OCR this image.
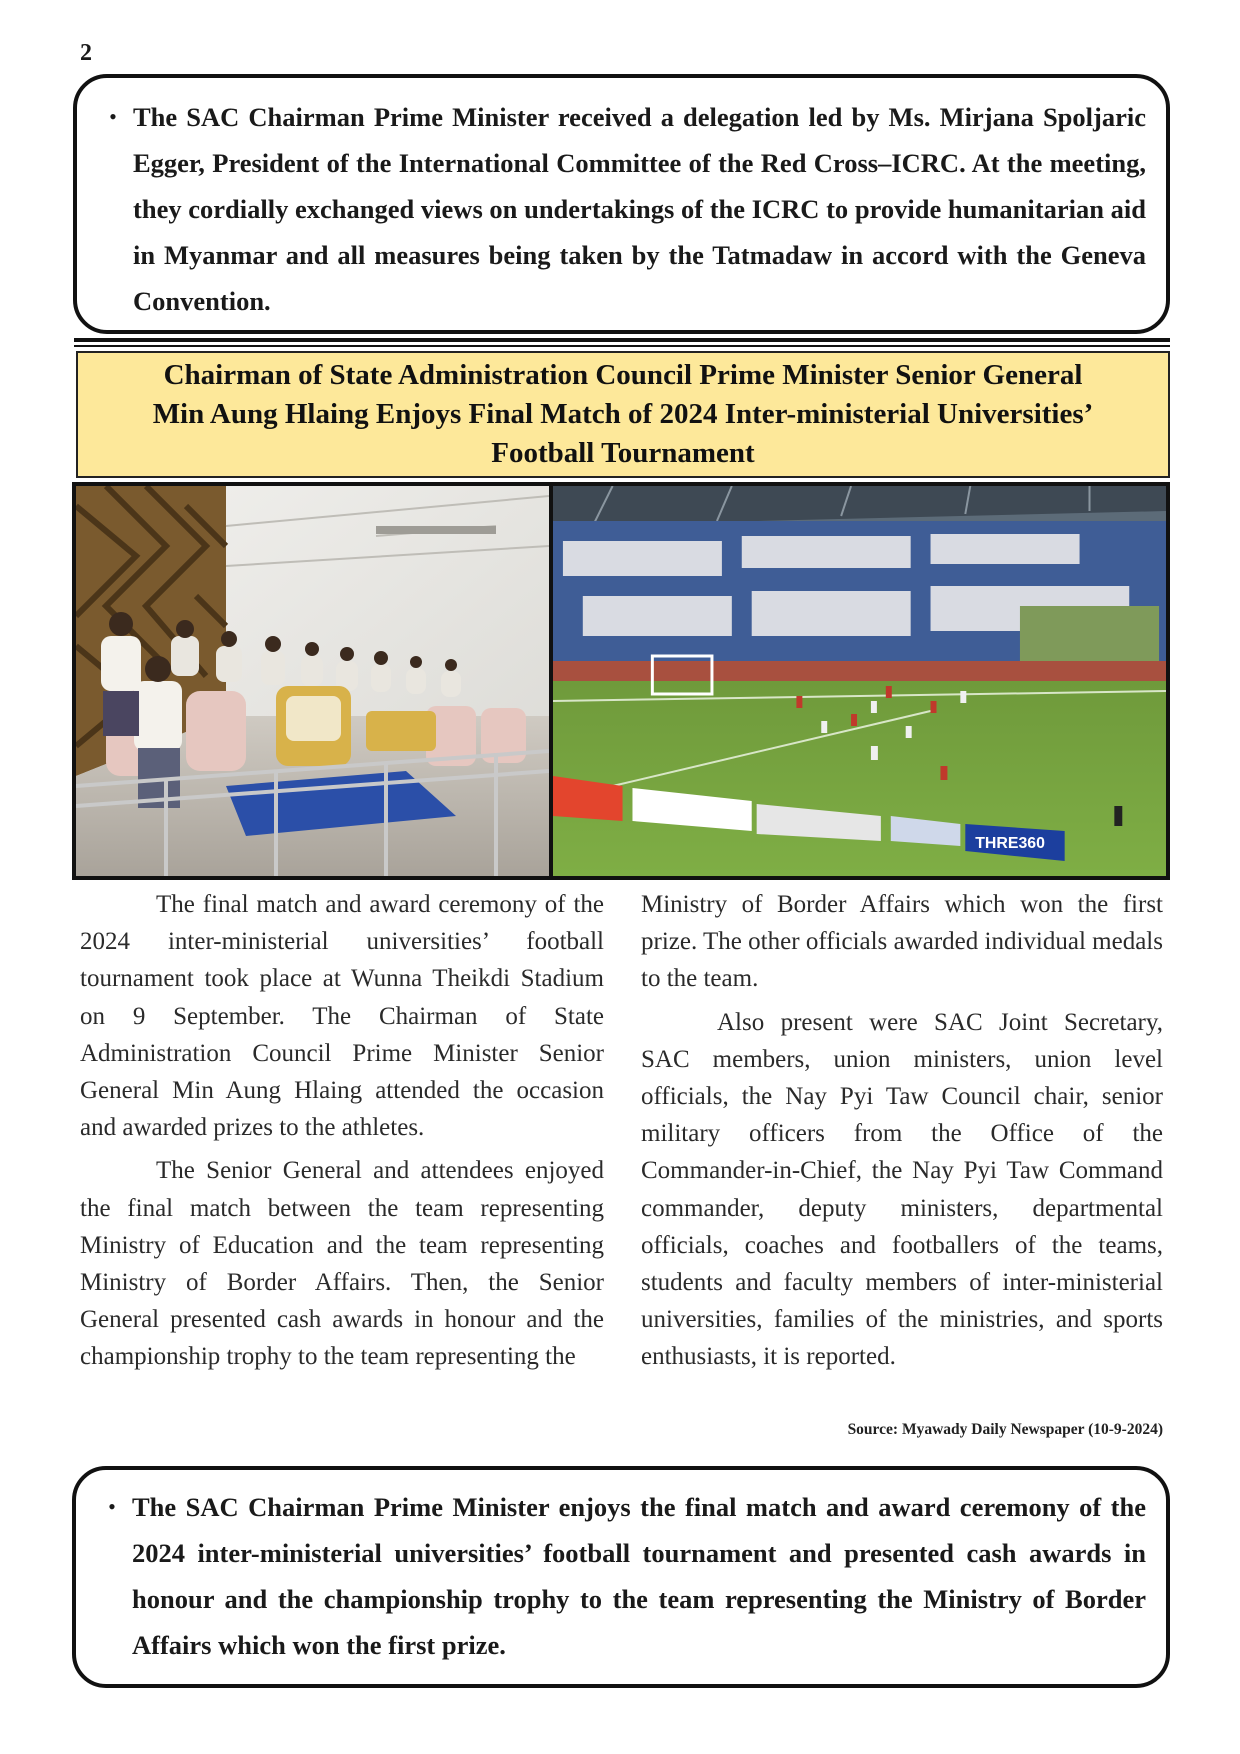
2
• The SAC Chairman Prime Minister received a delegation led by Ms. Mirjana Spoljaric Egger, President of the International Committee of the Red Cross–ICRC. At the meeting, they cordially exchanged views on undertakings of the ICRC to provide humanitarian aid in Myanmar and all measures being taken by the Tatmadaw in accord with the Geneva Convention.
Chairman of State Administration Council Prime Minister Senior General
Min Aung Hlaing Enjoys Final Match of 2024 Inter-ministerial Universities’
Football Tournament
THRE360

The final match and award ceremony of the 2024 inter-ministerial universities’ football tournament took place at Wunna Theikdi Stadium on 9 September. The Chairman of State Administration Council Prime Minister Senior General Min Aung Hlaing attended the occasion and awarded prizes to the athletes.

The Senior General and attendees enjoyed the final match between the team representing Ministry of Education and the team representing Ministry of Border Affairs. Then, the Senior General presented cash awards in honour and the championship trophy to the team representing the

Ministry of Border Affairs which won the first prize. The other officials awarded individual medals to the team.

Also present were SAC Joint Secretary, SAC members, union ministers, union level officials, the Nay Pyi Taw Council chair, senior military officers from the Office of the Commander-in-Chief, the Nay Pyi Taw Command commander, deputy ministers, departmental officials, coaches and footballers of the teams, students and faculty members of inter-ministerial universities, families of the ministries, and sports enthusiasts, it is reported.

Source: Myawady Daily Newspaper (10-9-2024)
• The SAC Chairman Prime Minister enjoys the final match and award ceremony of the 2024 inter-ministerial universities’ football tournament and presented cash awards in honour and the championship trophy to the team representing the Ministry of Border Affairs which won the first prize.
